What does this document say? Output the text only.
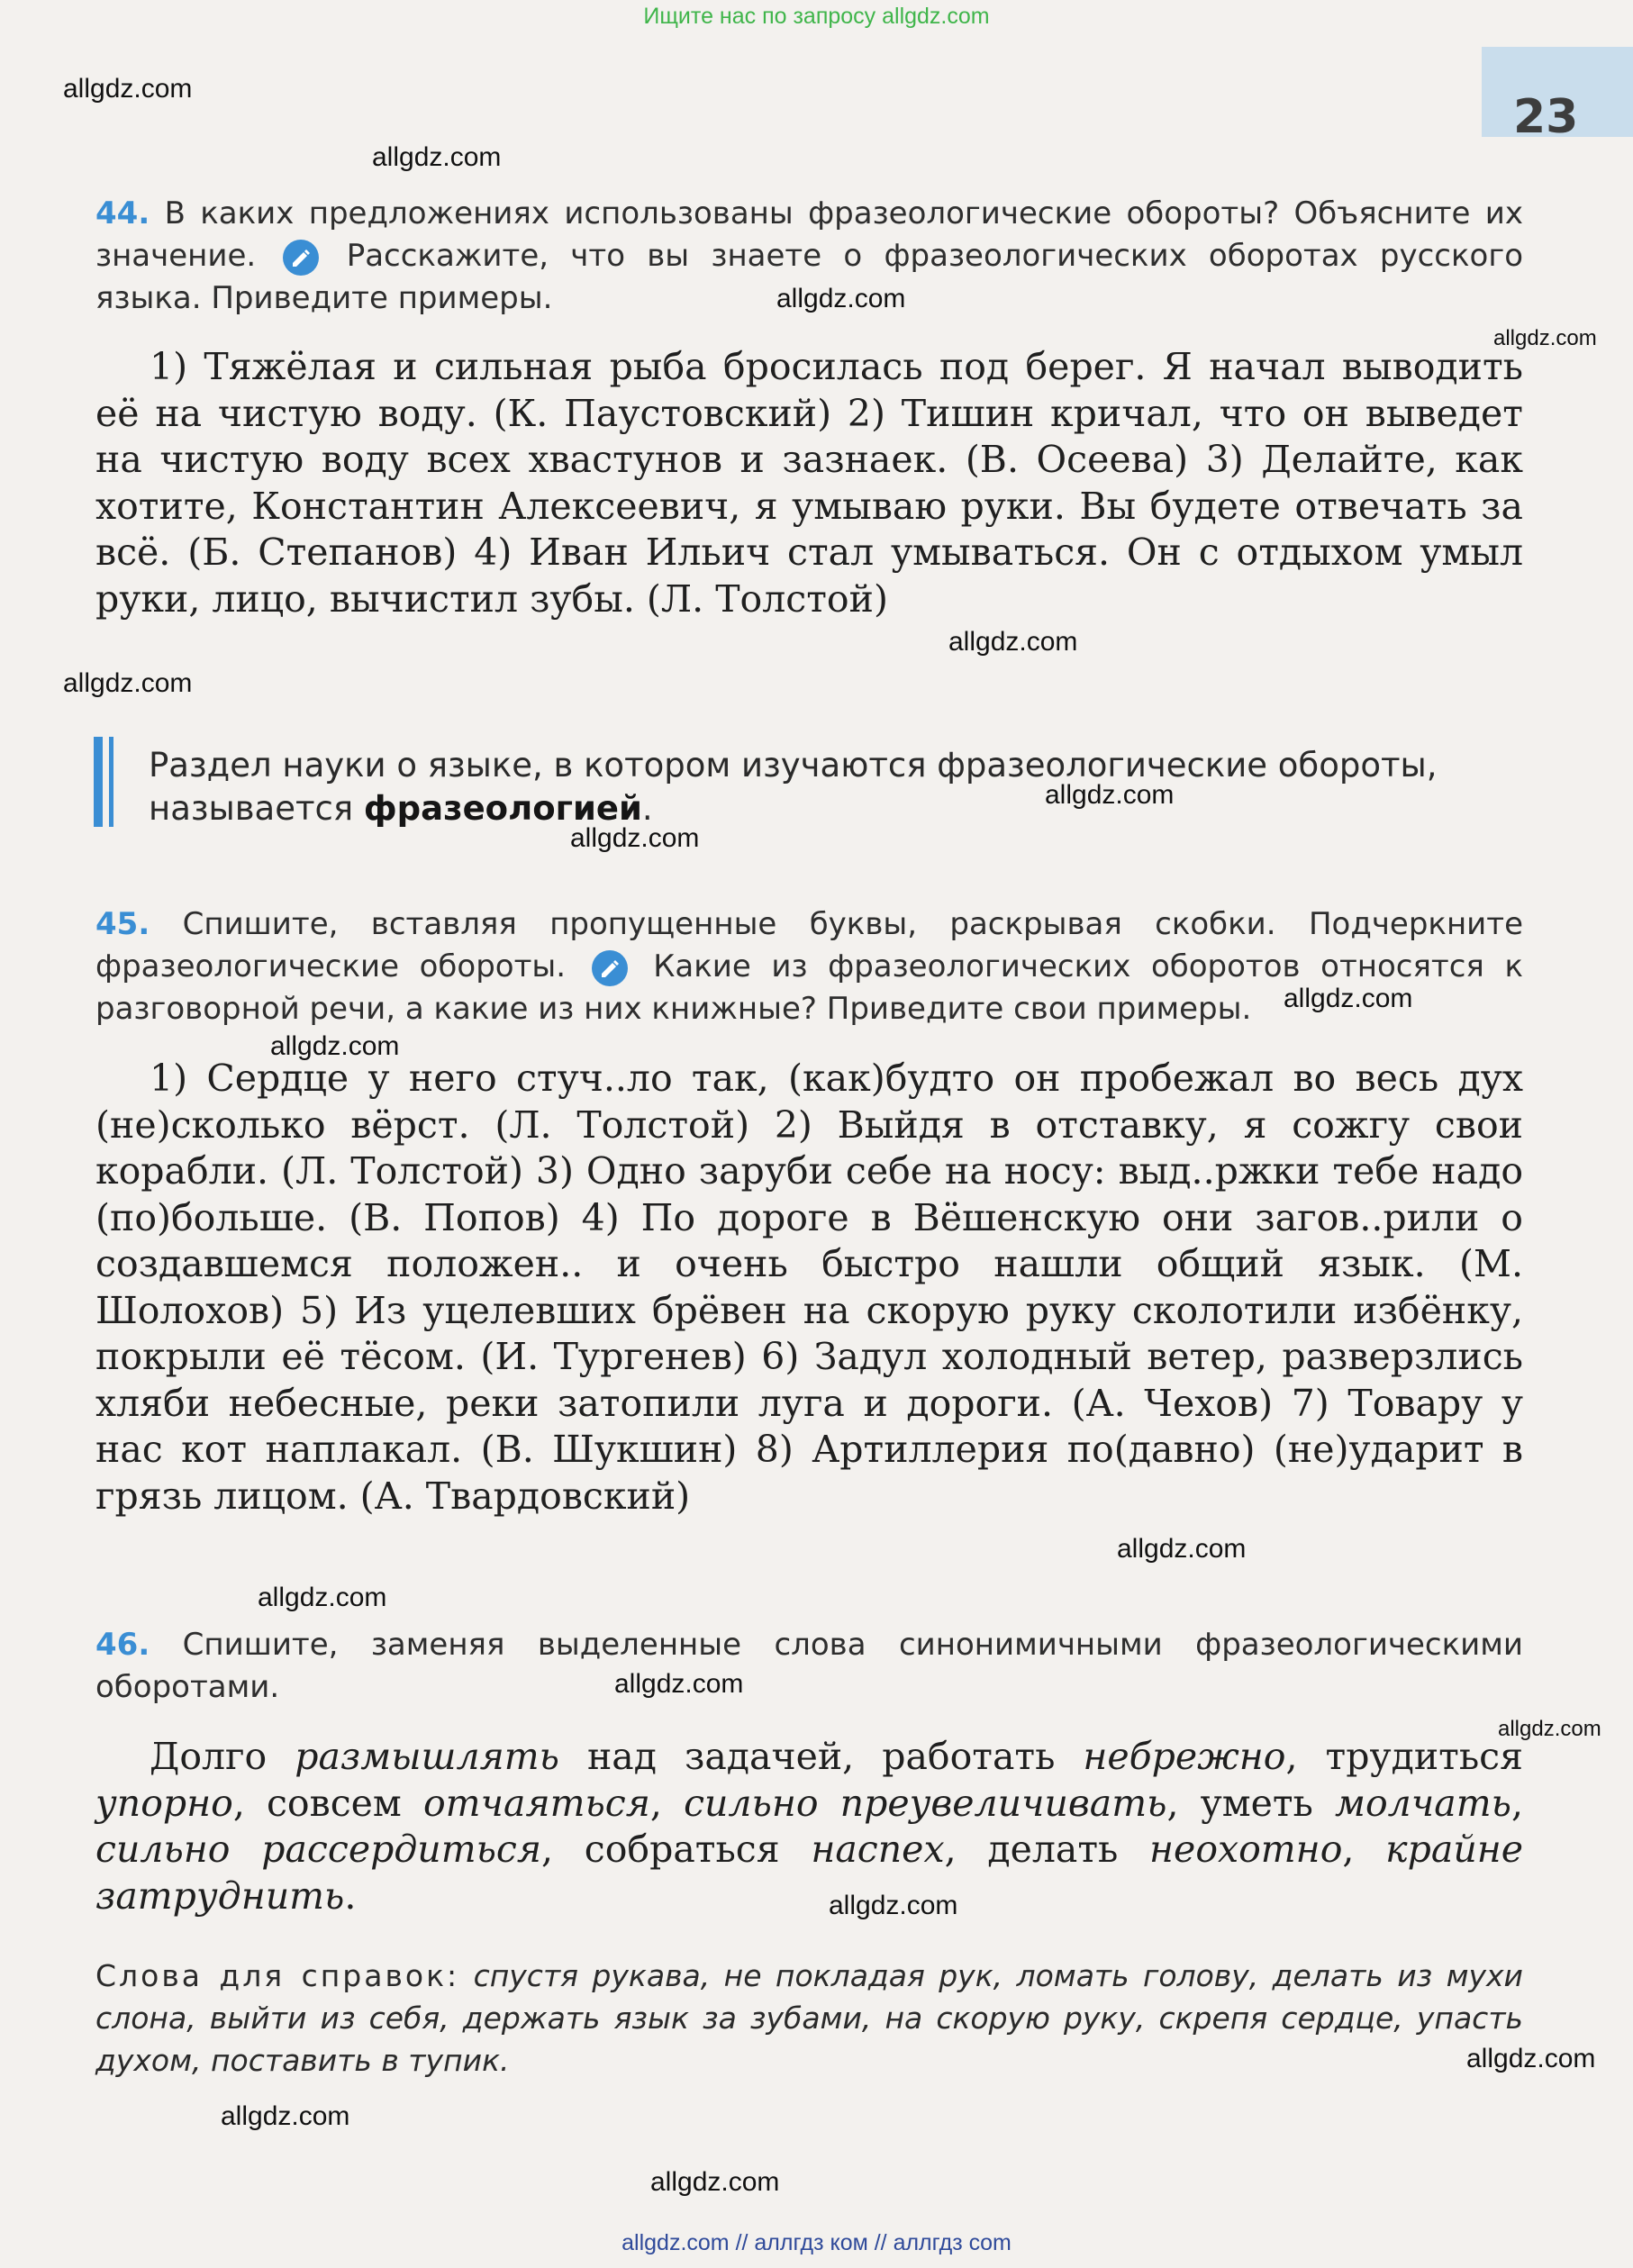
Ищите нас по запросу allgdz.com
23
44. В каких предложениях использованы фразеологические обороты? Объясните их значение.	Расскажите, что вы знаете о фразеологических оборотах русского языка. Приведите примеры.
1) Тяжёлая и сильная рыба бросилась под берег. Я начал выводить её на чистую воду. (К. Паустовский) 2) Тишин кричал, что он выведет на чистую воду всех хвастунов и зазнаек. (В. Осеева) 3) Делайте, как хотите, Константин Алексеевич, я умываю руки. Вы будете отвечать за всё. (Б. Степанов) 4) Иван Ильич стал умываться. Он с отдыхом умыл руки, лицо, вычистил зубы. (Л. Толстой)
Раздел науки о языке, в котором изучаются фразеологические обороты, называется фразеологией.
45. Спишите, вставляя пропущенные буквы, раскрывая скобки. Подчеркните фразеологические обороты.	Какие из фразеологических оборотов относятся к разговорной речи, а какие из них книжные? Приведите свои примеры.
1) Сердце у него стуч..ло так, (как)будто он пробежал во весь дух (не)сколько вёрст. (Л. Толстой) 2) Выйдя в отставку, я сожгу свои корабли. (Л. Толстой) 3) Одно заруби себе на носу: выд..ржки тебе надо (по)больше. (В. Попов) 4) По дороге в Вёшенскую они загов..рили о создавшемся положен.. и очень быстро нашли общий язык. (М. Шолохов) 5) Из уцелевших брёвен на скорую руку сколотили избёнку, покрыли её тёсом. (И. Тургенев) 6) Задул холодный ветер, разверзлись хляби небесные, реки затопили луга и дороги. (А. Чехов) 7) Товару у нас кот наплакал. (В. Шукшин) 8) Артиллерия по(давно) (не)ударит в грязь лицом. (А. Твардовский)
46. Спишите, заменяя выделенные слова синонимичными фразеологическими оборотами.
Долго размышлять над задачей, работать небрежно, трудиться упорно, совсем отчаяться, сильно преувеличивать, уметь молчать, сильно рассердиться, собраться наспех, делать неохотно, крайне затруднить.
Слова для справок: спустя рукава, не покладая рук, ломать голову, делать из мухи слона, выйти из себя, держать язык за зубами, на скорую руку, скрепя сердце, упасть духом, поставить в тупик.
allgdz.com
allgdz.com
allgdz.com
allgdz.com
allgdz.com
allgdz.com
allgdz.com
allgdz.com
allgdz.com
allgdz.com
allgdz.com
allgdz.com
allgdz.com
allgdz.com
allgdz.com
allgdz.com
allgdz.com
allgdz.com
allgdz.com // аллгдз ком // аллгдз com
